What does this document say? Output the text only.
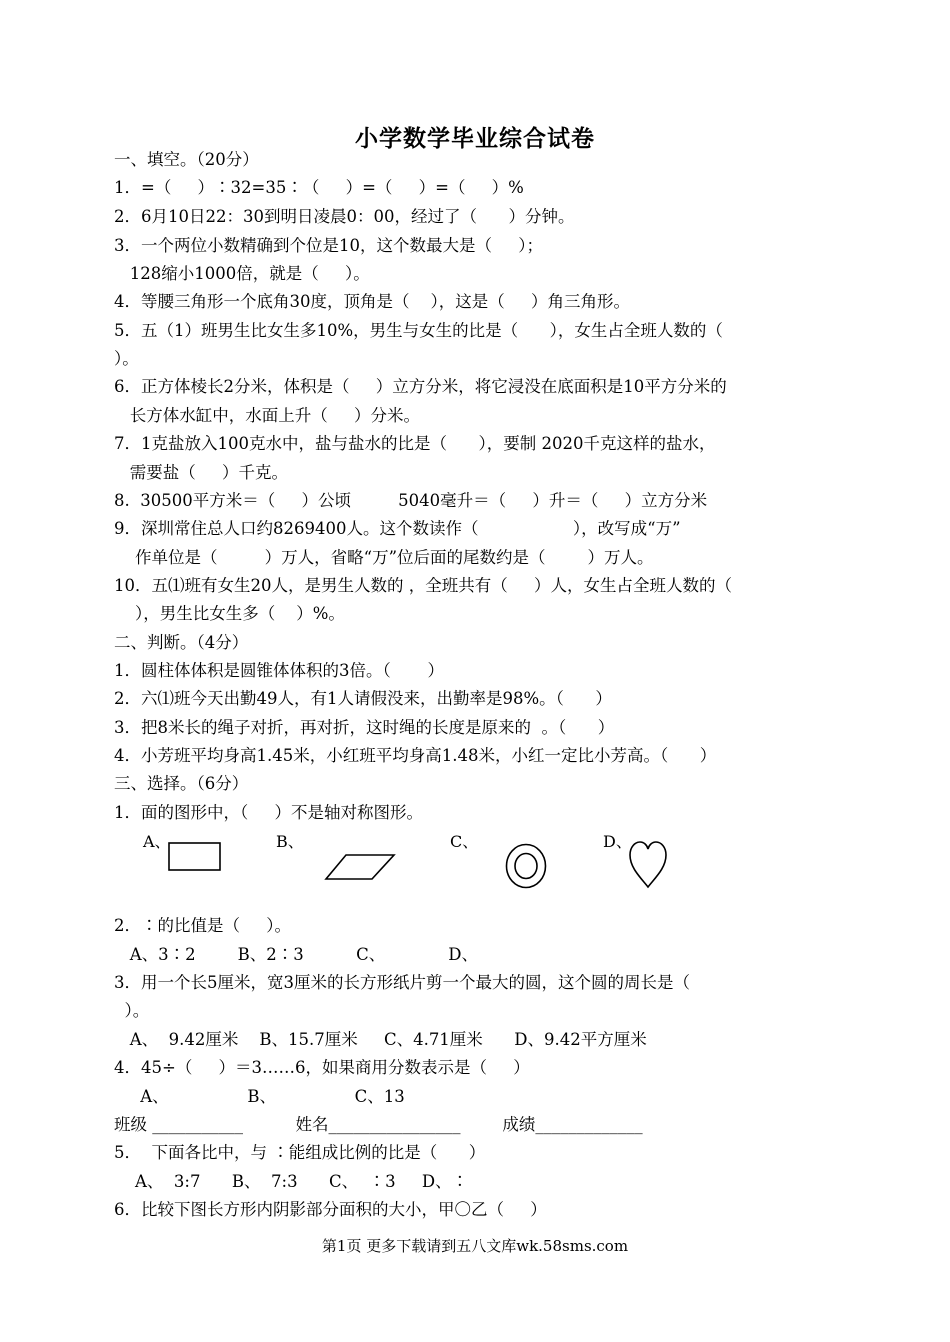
小学数学毕业综合试卷
一、填空。（20分）
1．=（     ）∶32=35∶（     ）=（     ）=（     ）%
2．6月10日22：30到明日凌晨0：00，经过了（      ）分钟。
3．一个两位小数精确到个位是10，这个数最大是（     ）；
128缩小1000倍，就是（     ）。
4．等腰三角形一个底角30度，顶角是（    ），这是（     ）角三角形。
5．五（1）班男生比女生多10%，男生与女生的比是（      ），女生占全班人数的（
）。
6．正方体棱长2分米，体积是（     ）立方分米，将它浸没在底面积是10平方分米的
长方体水缸中，水面上升（     ）分米。
7．1克盐放入100克水中，盐与盐水的比是（      ），要制 2020千克这样的盐水，
需要盐（     ）千克。
8.  30500平方米＝（     ）公顷         5040毫升＝（     ）升＝（     ）立方分米
9．深圳常住总人口约8269400人。这个数读作（                  ），改写成“万”
作单位是（         ）万人，省略“万”位后面的尾数约是（        ）万人。
10．五⑴班有女生20人，是男生人数的 ，全班共有（     ）人，女生占全班人数的（
），男生比女生多（    ）%。
二、判断。（4分）
1．圆柱体体积是圆锥体体积的3倍。（       ）
2．六⑴班今天出勤49人，有1人请假没来，出勤率是98%。（      ）
3．把8米长的绳子对折，再对折，这时绳的长度是原来的  。（      ）
4．小芳班平均身高1.45米，小红班平均身高1.48米，小红一定比小芳高。（      ）
三、选择。（6分）
1．面的图形中，（     ）不是轴对称图形。
A、	B、	C、	D、
2．∶的比值是（     ）。
A、3∶2        B、2∶3          C、            D、
3．用一个长5厘米，宽3厘米的长方形纸片剪一个最大的圆，这个圆的周长是（
）。
A、  9.42厘米    B、15.7厘米     C、4.71厘米      D、9.42平方厘米
4．45÷（     ）＝3……6，如果商用分数表示是（     ）
A、               B、               C、13
班级 ___________          姓名________________        成绩_____________
5．  下面各比中，与 ∶能组成比例的比是（      ）
A、  3:7      B、  7:3      C、  ∶3     D、∶
6．比较下图长方形内阴影部分面积的大小，甲〇乙（     ）
第1页 更多下载请到五八文库wk.58sms.com
